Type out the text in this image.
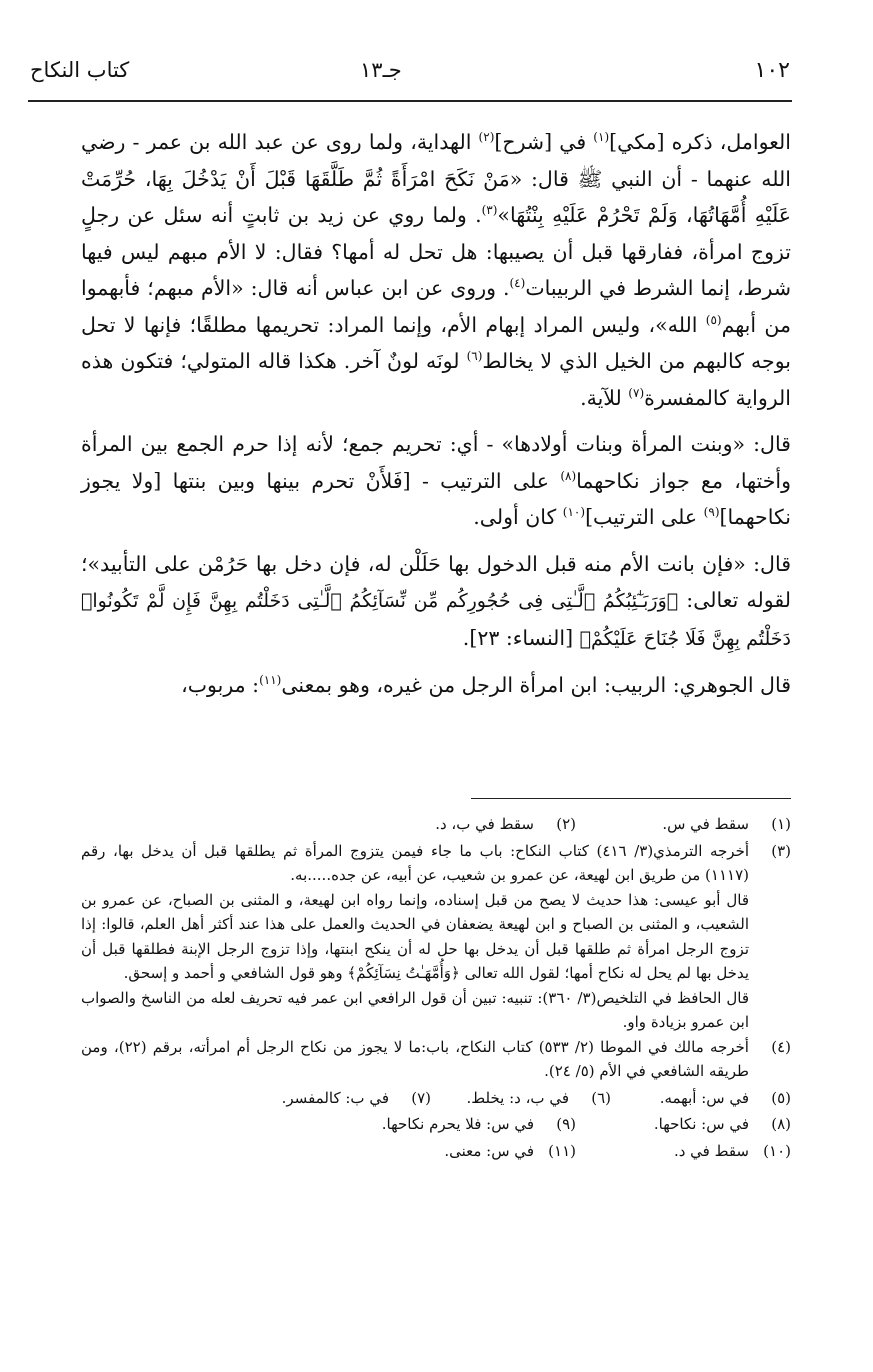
١٠٢
جـ١٣
كتاب النكاح

العوامل، ذكره [مكي]$^{(١)}$ في [شرح]$^{(٢)}$ الهداية، ولما روى عن عبد الله بن عمر - رضي الله عنهما - أن النبي ﷺ قال: «مَنْ نَكَحَ امْرَأَةً ثُمَّ طَلَّقَهَا قَبْلَ أَنْ يَدْخُلَ بِهَا، حُرِّمَتْ عَلَيْهِ أُمَّهَاتُهَا، وَلَمْ تَحْرُمْ عَلَيْهِ بِنْتُهَا»$^{(٣)}$. ولما روي عن زيد بن ثابتٍ أنه سئل عن رجلٍ تزوج امرأة، ففارقها قبل أن يصيبها: هل تحل له أمها؟ فقال: لا الأم مبهم ليس فيها شرط، إنما الشرط في الربيبات$^{(٤)}$. وروى عن ابن عباس أنه قال: «الأم مبهم؛ فأبهموا من أبهم$^{(٥)}$ الله»، وليس المراد إبهام الأم، وإنما المراد: تحريمها مطلقًا؛ فإنها لا تحل بوجه كالبهم من الخيل الذي لا يخالط$^{(٦)}$ لونَه لونٌ آخر. هكذا قاله المتولي؛ فتكون هذه الرواية كالمفسرة$^{(٧)}$ للآية.

قال: «وبنت المرأة وبنات أولادها» - أي: تحريم جمع؛ لأنه إذا حرم الجمع بين المرأة وأختها، مع جواز نكاحهما$^{(٨)}$ على الترتيب - [فَلأَنْ تحرم بينها وبين بنتها [ولا يجوز نكاحهما]$^{(٩)}$ على الترتيب]$^{(١٠)}$ كان أولى.

قال: «فإن بانت الأم منه قبل الدخول بها حَلَلْن له، فإن دخل بها حَرُمْن على التأبيد»؛ لقوله تعالى: ﴿وَرَبَـٰٓئِبُكُمُ ٱلَّـٰتِى فِى حُجُورِكُم مِّن نِّسَآئِكُمُ ٱلَّـٰتِى دَخَلْتُم بِهِنَّ فَإِن لَّمْ تَكُونُوا۟ دَخَلْتُم بِهِنَّ فَلَا جُنَاحَ عَلَيْكُمْ﴾ [النساء: ٢٣].

قال الجوهري: الربيب: ابن امرأة الرجل من غيره، وهو بمعنى$^{(١١)}$: مربوب،

(١)
سقط في س.
(٢)
سقط في ب، د.
(٣)
أخرجه الترمذي(٣/ ٤١٦) كتاب النكاح: باب ما جاء فيمن يتزوج المرأة ثم يطلقها قبل أن يدخل بها، رقم (١١١٧) من طريق ابن لهيعة، عن عمرو بن شعيب، عن أبيه، عن جده.....به.
قال أبو عيسى: هذا حديث لا يصح من قبل إسناده، وإنما رواه ابن لهيعة، و المثنى بن الصباح، عن عمرو بن الشعيب، و المثنى بن الصباح و ابن لهيعة يضعفان في الحديث والعمل على هذا عند أكثر أهل العلم، قالوا: إذا تزوج الرجل امرأة ثم طلقها قبل أن يدخل بها حل له أن ينكح ابنتها، وإذا تزوج الرجل الإبنة فطلقها قبل أن يدخل بها لم يحل له نكاح أمها؛ لقول الله تعالى ﴿وَأُمَّهَـٰتُ نِسَآئِكُمْ﴾ وهو قول الشافعي و أحمد و إسحق.
قال الحافظ في التلخيص(٣/ ٣٦٠): تنبيه: تبين أن قول الرافعي ابن عمر فيه تحريف لعله من الناسخ والصواب ابن عمرو بزيادة واو.
(٤)
أخرجه مالك في الموطا (٢/ ٥٣٣) كتاب النكاح، باب:ما لا يجوز من نكاح الرجل أم امرأته، برقم (٢٢)، ومن طريقه الشافعي في الأم (٥/ ٢٤).
(٥)
في س: أبهمه.
(٦)
في ب، د: يخلط.
(٧)
في ب: كالمفسر.
(٨)
في س: نكاحها.
(٩)
في س: فلا يحرم نكاحها.
(١٠)
سقط في د.
(١١)
في س: معنى.
